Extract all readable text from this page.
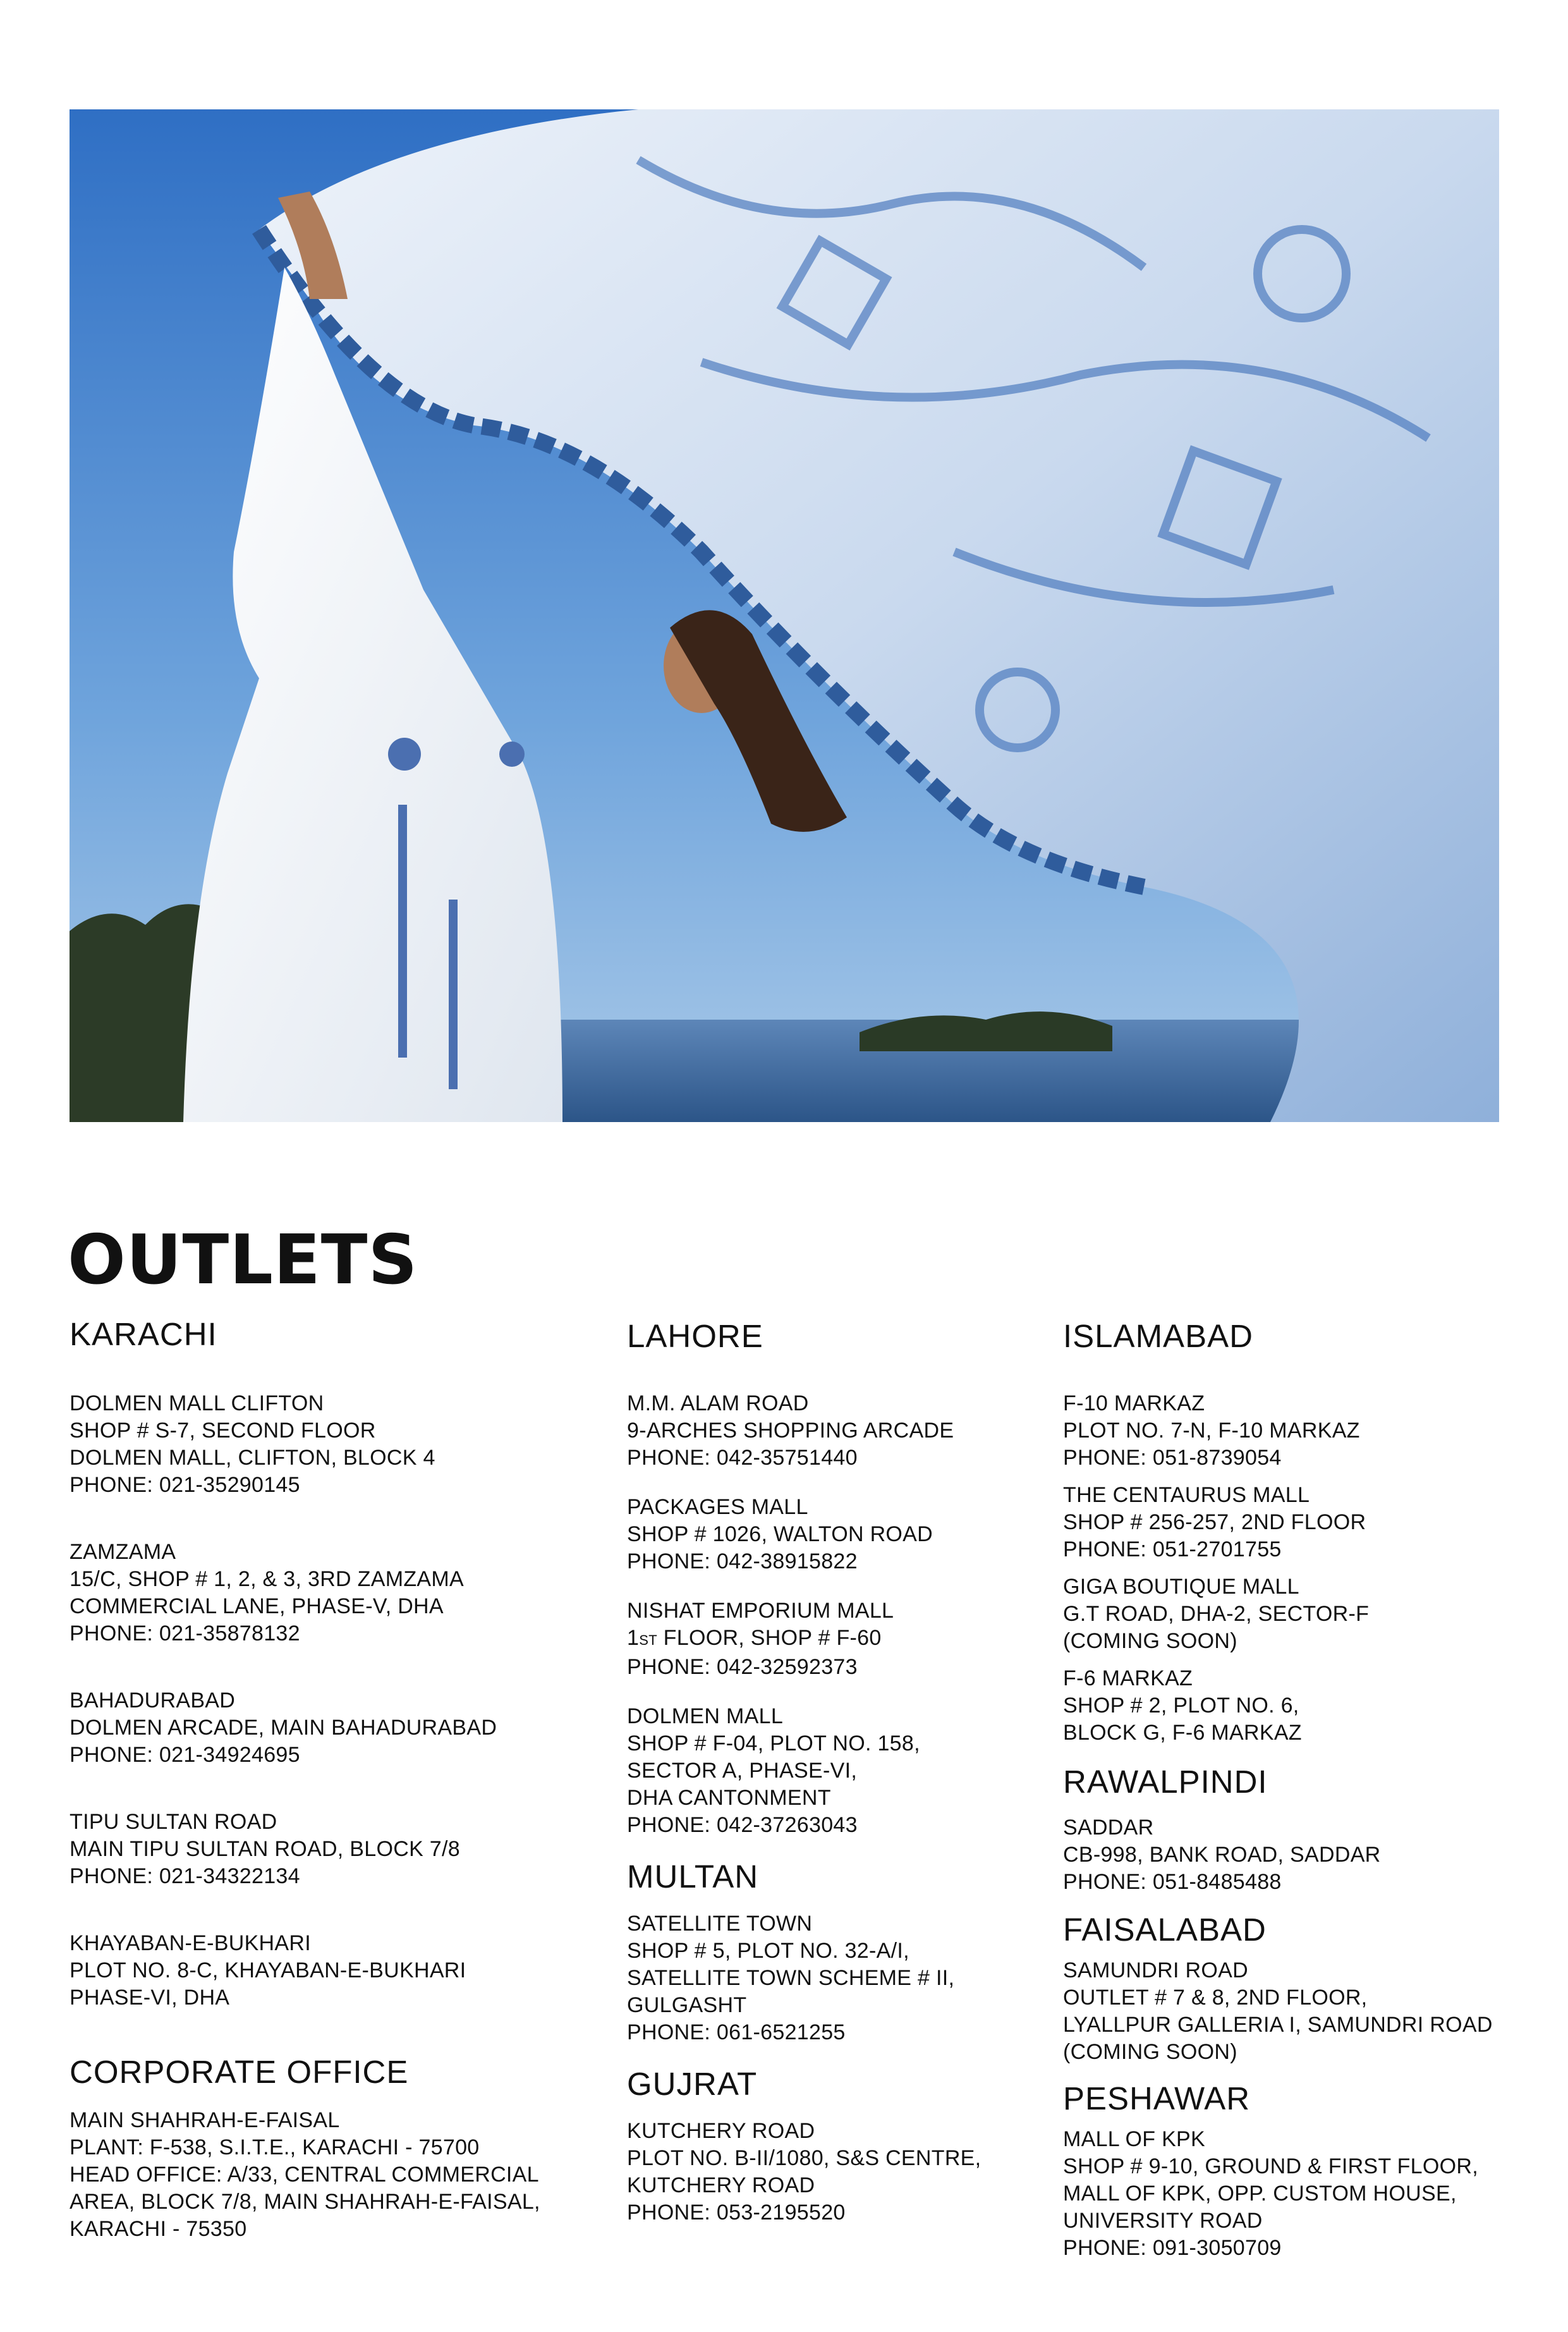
OUTLETS
KARACHI
DOLMEN MALL CLIFTON
SHOP # S-7, SECOND FLOOR
DOLMEN MALL, CLIFTON, BLOCK 4
PHONE: 021-35290145
ZAMZAMA
15/C, SHOP # 1, 2, & 3, 3RD ZAMZAMA
COMMERCIAL LANE, PHASE-V, DHA
PHONE: 021-35878132
BAHADURABAD
DOLMEN ARCADE, MAIN BAHADURABAD
PHONE: 021-34924695
TIPU SULTAN ROAD
MAIN TIPU SULTAN ROAD, BLOCK 7/8
PHONE: 021-34322134
KHAYABAN-E-BUKHARI
PLOT NO. 8-C, KHAYABAN-E-BUKHARI
PHASE-VI, DHA
CORPORATE OFFICE
MAIN SHAHRAH-E-FAISAL
PLANT: F-538, S.I.T.E., KARACHI - 75700
HEAD OFFICE: A/33, CENTRAL COMMERCIAL
AREA, BLOCK 7/8, MAIN SHAHRAH-E-FAISAL,
KARACHI - 75350
LAHORE
M.M. ALAM ROAD
9-ARCHES SHOPPING ARCADE
PHONE: 042-35751440
PACKAGES MALL
SHOP # 1026, WALTON ROAD
PHONE: 042-38915822
NISHAT EMPORIUM MALL
1ST FLOOR, SHOP # F-60
PHONE: 042-32592373
DOLMEN MALL
SHOP # F-04, PLOT NO. 158,
SECTOR A, PHASE-VI,
DHA CANTONMENT
PHONE: 042-37263043
MULTAN
SATELLITE TOWN
SHOP # 5, PLOT NO. 32-A/I,
SATELLITE TOWN SCHEME # II,
GULGASHT
PHONE: 061-6521255
GUJRAT
KUTCHERY ROAD
PLOT NO. B-II/1080, S&S CENTRE,
KUTCHERY ROAD
PHONE: 053-2195520
ISLAMABAD
F-10 MARKAZ
PLOT NO. 7-N, F-10 MARKAZ
PHONE: 051-8739054
THE CENTAURUS MALL
SHOP # 256-257, 2ND FLOOR
PHONE: 051-2701755
GIGA BOUTIQUE MALL
G.T ROAD, DHA-2, SECTOR-F
(COMING SOON)
F-6 MARKAZ
SHOP # 2, PLOT NO. 6,
BLOCK G, F-6 MARKAZ
RAWALPINDI
SADDAR
CB-998, BANK ROAD, SADDAR
PHONE: 051-8485488
FAISALABAD
SAMUNDRI ROAD
OUTLET # 7 & 8, 2ND FLOOR,
LYALLPUR GALLERIA I, SAMUNDRI ROAD
(COMING SOON)
PESHAWAR
MALL OF KPK
SHOP # 9-10, GROUND & FIRST FLOOR,
MALL OF KPK, OPP. CUSTOM HOUSE,
UNIVERSITY ROAD
PHONE: 091-3050709
